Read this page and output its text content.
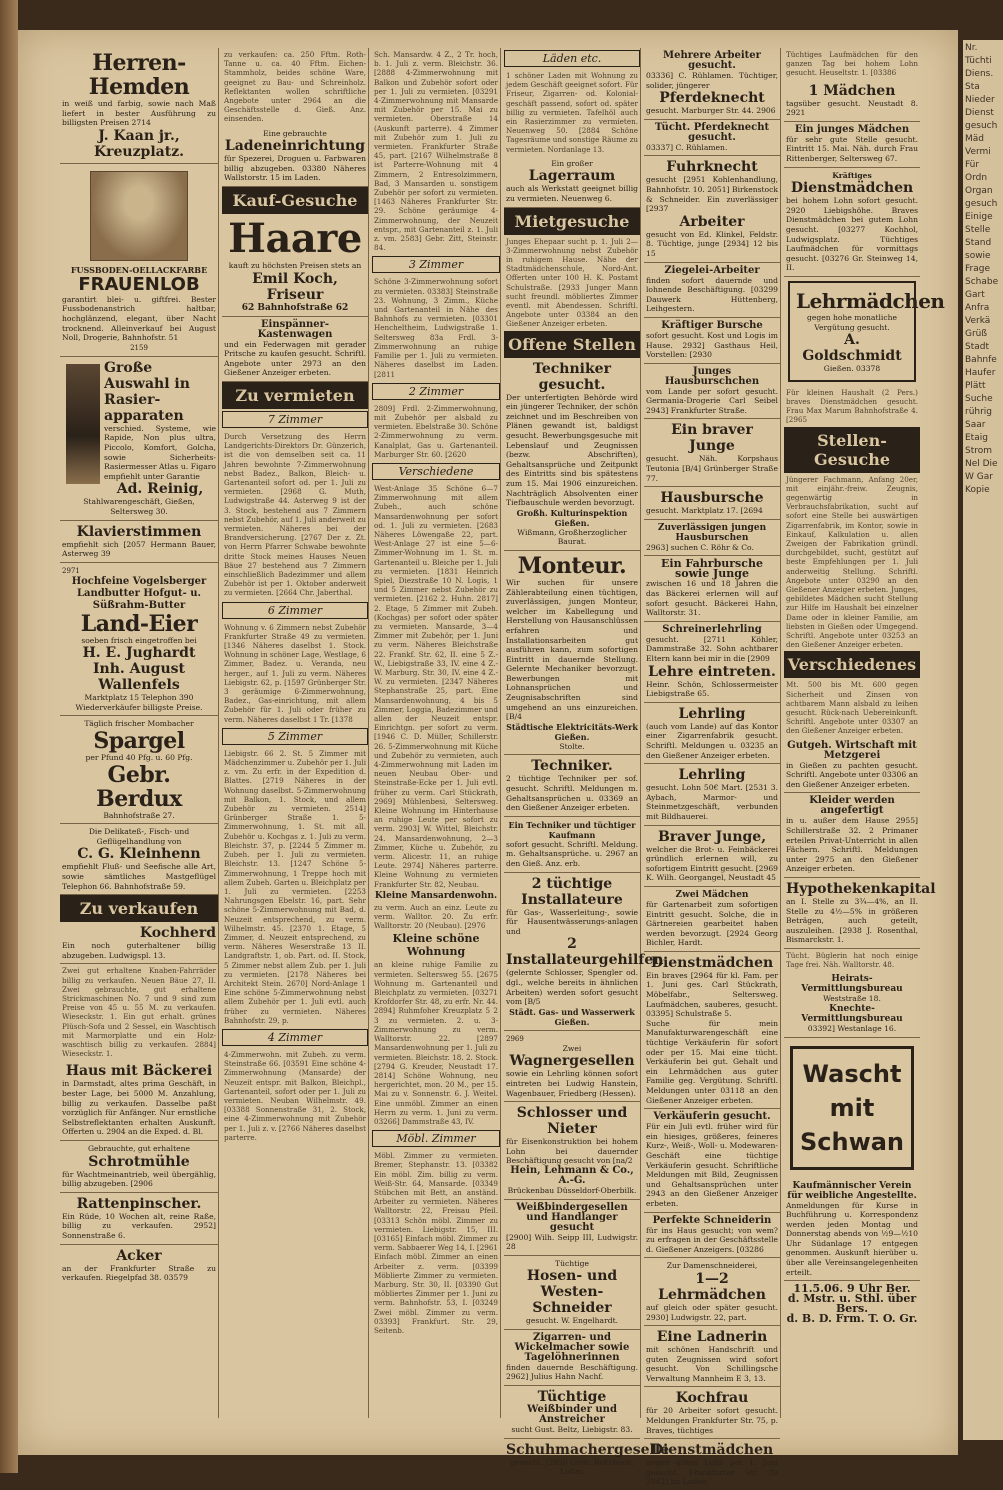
Herren-Hemden
in weiß und farbig, sowie nach Maß liefert in bester Ausführung zu billigsten Preisen 2714
J. Kaan jr., Kreuzplatz.
FUSSBODEN-OELLACKFARBE
FRAUENLOB
garantirt blei- u. giftfrei. Bester Fussbodenanstrich haltbar, hochglänzend, elegant, über Nacht trocknend. Alleinverkauf bei August Noll, Drogerie, Bahnhofstr. 51
2159
Große Auswahl in Rasier-apparaten
verschied. Systeme, wie Rapide, Non plus ultra, Piccolo, Komfort, Golcha, sowie Sicherheits-Rasiermesser Atlas u. Figaro empfiehlt unter Garantie
Ad. Reinig,
Stahlwarengeschäft, Gießen, Seltersweg 30.
Klavierstimmen
empfiehlt sich [2057 Hermann Bauer, Asterweg 39
2971
Hochfeine Vogelsberger Landbutter Hofgut- u. Süßrahm-Butter
Land-Eier
soeben frisch eingetroffen bei
H. E. Jughardt
Inh. August Wallenfels
Marktplatz 15 Telephon 390 Wiederverkäufer billigste Preise.
Täglich frischer Mombacher
Spargel
per Pfund 40 Pfg. u. 60 Pfg.
Gebr. Berdux
Bahnhofstraße 27.
Die Delikateß-, Fisch- und Geflügelhandlung von
C. G. Kleinhenn
empfiehlt Fluß- und Seefische alle Art, sowie sämtliches Mastgeflügel Telephon 66. Bahnhofstraße 59.
Zu verkaufen
Kochherd
Ein noch guterhaltener billig abzugeben. Ludwigspl. 13.
Zwei gut erhaltene Knaben-Fahrräder billig zu verkaufen. Neuen Bäue 27, II. Zwei gebrauchte, gut erhaltene Strickmaschinen No. 7 und 9 sind zum Preise von 45 u. 55 M. zu verkaufen. Wieseckstr. 1. Ein gut erhalt. grünes Plüsch-Sofa und 2 Sessel, ein Waschtisch mit Marmorplatte und ein Holz-waschtisch billig zu verkaufen. 2884] Wieseckstr. 1.
Haus mit Bäckerei
in Darmstadt, altes prima Geschäft, in bester Lage, bei 5000 M. Anzahlung, billig zu verkaufen. Dasselbe paßt vorzüglich für Anfänger. Nur ernstliche Selbstreflektanten erhalten Auskunft. Offerten u. 2904 an die Exped. d. Bl.
Gebrauchte, gut erhaltene
Schrotmühle
für Wachtmeinantrieb, weil übergählig, billig abzugeben. [2906
Rattenpinscher.
Ein Rüde, 10 Wochen alt, reine Raße, billig zu verkaufen. 2952] Sonnenstraße 6.
Acker
an der Frankfurter Straße zu verkaufen. Riegelpfad 38. 03579
zu verkaufen: ca. 250 Fftm. Roth-Tanne u. ca. 40 Fftm. Eichen-Stammholz, beides schöne Ware, geeignet zu Bau- und Schreinholz. Reflektanten wollen schriftliche Angebote unter 2964 an die Geschäftsstelle d. Gieß. Anz. einsenden.
Eine gebrauchte
Ladeneinrichtung
für Spezerei, Droguen u. Farbwaren billig abzugeben. 03380 Näheres Wallstorstr. 15 im Laden.
Kauf-Gesuche
Haare
kauft zu höchsten Preisen stets an
Emil Koch, Friseur
62 Bahnhofstraße 62
Einspänner-Kastenwagen
und ein Federwagen mit gerader Pritsche zu kaufen gesucht. Schriftl. Angebote unter 2973 an den Gießener Anzeiger erbeten.
Zu vermieten
7 Zimmer
Durch Versetzung des Herrn Landgerichts-Direktors Dr. Günzerich, ist die von demselben seit ca. 11 Jahren bewohnte 7-Zimmerwohnung nebst Badez., Balkon, Bleich- u. Gartenanteil sofort od. per 1. Juli zu vermieten. [2968 G. Muth, Ludwigstraße 44. Asterweg 9 ist der 3. Stock, bestehend aus 7 Zimmern nebst Zubehör, auf 1. Juli anderweit zu vermieten. Näheres bei der Brandversicherung. [2767 Der z. Zt. von Herrn Pfarrer Schwabe bewohnte dritte Stock meines Hauses Neuen Bäue 27 bestehend aus 7 Zimmern einschließlich Badezimmer und allem Zubehör ist per 1. Oktober anderweit zu vermieten. [2664 Chr. Jaberthal.
6 Zimmer
Wohnung v. 6 Zimmern nebst Zubehör Frankfurter Straße 49 zu vermieten. [1346 Näheres daselbst 1. Stock. Wohnung in schöner Lage, Westlage, 6 Zimmer, Badez. u. Veranda, neu herger., auf 1. Juli zu verm. Näheres Liebigstr. 62, p. [1597 Grünberger Str. 3 geräumige 6-Zimmerwohnung, Badez., Gas-einrichtung, mit allem Zubehör für 1. Juli oder früher zu verm. Näheres daselbst 1 Tr. [1378
5 Zimmer
Liebigstr. 66 2. St. 5 Zimmer mit Mädchenzimmer u. Zubehör per 1. Juli z. vm. Zu erfr. in der Expedition d. Blattes. [2719 Näheres in der Wohnung daselbst. 5-Zimmerwohnung mit Balkon, 1. Stock, und allem Zubehör zu vermieten. 2514] Grünberger Straße 1. 5-Zimmerwohnung, 1. St. mit all. Zubehör u. Kochgas z. 1. Juli zu verm. Bleichstr. 37, p. [2244 5 Zimmer m. Zubeh. per 1. Juli zu vermieten. Bleichstr. 13. [1247 Schöne 5-Zimmerwohnung, 1 Treppe hoch mit allem Zubeh. Garten u. Bleichplatz per 1. Juli zu vermieten. [2253 Nahrungsgen Ebelstr. 16, part. Sehr schöne 5-Zimmerwohnung mit Bad, d. Neuzeit entsprechend, zu verm. Wilhelmstr. 45. [2370 1. Etage, 5 Zimmer, d. Neuzeit entsprechend, zu verm. Näheres Weserstraße 13 II. Landgraftstr. 1, ob. Part. od. II. Stock, 5 Zimmer nebst allem Zub. per 1. Juli zu vermieten. [2178 Näheres bei Architekt Stein. 2670] Nord-Anlage 1 Eine schöne 5-Zimmerwohnung nebst allem Zubehör per 1. Juli evtl. auch früher zu vermieten. Näheres Bahnhofstr. 29, p.
4 Zimmer
4-Zimmerwohn. mit Zubeh. zu verm. Steinstraße 66. [03591 Eine schöne 4-Zimmerwohnung (Mansarde) der Neuzeit entspr. mit Balkon, Bleichpl., Gartenanteil, sofort oder per 1. Juli zu vermieten. Neuban Wilhelmstr. 49. [03388 Sonnenstraße 31, 2. Stock, eine 4-Zimmerwohnung mit Zubehör per 1. Juli z. v. [2766 Näheres daselbst parterre.
Sch. Mansardw. 4 Z., 2 Tr. hoch, b. 1. Juli z. verm. Bleichstr. 36. [2888 4-Zimmerwohnung mit Balkon und Zubehör sofort oder per 1. Juli zu vermieten. [03291 4-Zimmerwohnung mit Mansarde mit Zubehör per 15. Mai zu vermieten. Oberstraße 14 (Auskunft parterre). 4 Zimmer mit Zubehör zum 1. Juli zu vermieten. Frankfurter Straße 45, part. [2167 Wilhelmstraße 8 ist Parterre-Wohnung mit 4 Zimmern, 2 Entresolzimmern, Bad, 3 Mansarden u. sonstigem Zubehör per sofort zu vermieten. [1463 Näheres Frankfurter Str. 29. Schöne geräumige 4-Zimmerwohnung, der Neuzeit entspr., mit Gartenanteil z. 1. Juli z. vm. 2583] Gebr. Zitt, Steinstr. 84.
3 Zimmer
Schöne 3-Zimmerwohnung sofort zu vermieten. 03383] Steinstraße 23. Wohnung, 3 Zimm., Küche und Gartenanteil in Nähe des Bahnhofs zu vermieten. [03301 Hencheltheim, Ludwigstraße 1. Seltersweg 83a Frdl. 3-Zimmerwohnung an ruhige Familie per 1. Juli zu vermieten. Näheres daselbst im Laden. [2811
2 Zimmer
2809] Frdl. 2-Zimmerwohnung, mit Zubehör per alsbald zu vermieten. Ebelstraße 30. Schöne 2-Zimmerwohnung zu verm. Kanalplat, Gas u. Gartenanteil. Marburger Str. 60. [2620
Verschiedene
West-Anlage 35 Schöne 6—7 Zimmerwohnung mit allem Zubeh., auch schöne Mansardenwohnung per sofort od. 1. Juli zu vermieten. [2683 Näheres Löwengaße 22, part. West-Anlage 27 ist eine 5—6-Zimmer-Wohnung im 1. St. m. Gartenanteil u. Bleiche per 1. Juli zu vermieten. [1831 Heinrich Spiel, Diezstraße 10 N. Logis, 1 und 5 Zimmer nebst Zubehör zu vermieten. [2162 2. Huhn. 2817] 2. Etage, 5 Zimmer mit Zubeh. (Kochgas) per sofort oder später zu vermieten. Mansarde, 3—4 Zimmer mit Zubehör, per 1. Juni zu verm. Näheres Bleichstraße 22. Frankf. Str. 62, II. eine 5 Z.-W., Liebigstraße 33, IV. eine 4 Z.-W. Marburg. Str. 30, IV. eine 4 Z.-W. zu vermieten. [2347 Näheres Stephanstraße 25, part. Eine Mansardenwohnung, 4 bis 5 Zimmer, Loggia, Badezimmer und allen der Neuzeit entspr. Einrichtgn. per sofort zu verm. [1946 C. D. Müller, Schillerstr. 26. 5-Zimmerwohnung mit Küche und Zubehör zu vermieten, auch 4-Zimmerwohnung mit Laden im neuen Neubau Ober- und Steinstraße-Ecke per 1. Juli evtl. früher zu verm. Carl Stückrath, 2969] Mühlenbesi, Seltersweg. Kleine Wohnung im Hinterhause an ruhige Leute per sofort zu verm. 2903] W. Wittel, Bleichstr. 24. Mansardenwohnung, 2—3 Zimmer, Küche u. Zubehör, zu verm. Alicestr. 11, an ruhige Leute. 2974] Näheres parterre. Kleine Wohnung zu vermieten Frankfurter Str. 82, Neubau.
Kleine Mansardenwohn.
zu verm. Auch an einz. Leute zu verm. Walltor. 20. Zu erfr. Walltorstr. 20 (Neubau). [2976
Kleine schöne Wohnung
an kleine ruhige Familie zu vermieten. Seltersweg 55. [2675 Wohnung m. Gartenanteil und Bleichplatz zu vermieten. [03271 Krofdorfer Str. 48, zu erfr. Nr. 44. 2894] Ruhmfoher Kreuzplatz 5 2 3 zu vermieten. 2. u. 3-Zimmerwohnung zu verm. Walltorstr. 22. [2897 Mansardenwohnung per 1. Juli zu vermieten. Bleichstr. 18. 2. Stock. [2794 G. Kreuder, Neustadt 17. 2814] Schöne Wohnung, neu hergerichtet, mon. 20 M., per 15. Mai zu v. Sonnenstr. 6. J. Weitel. Eine unmöbl. Zimmer an einen Herrn zu verm. 1. Juni zu verm. 03266] Dammstraße 43, IV.
Möbl. Zimmer
Möbl. Zimmer zu vermieten. Bremer, Stephanstr. 13. [03382 Ein möbl. Zim. billig zu verm. Weiß-Str. 64, Mansarde. [03349 Stübchen mit Bett, an anständ. Arbeiter zu vermieten. Näheres Walltorstr. 22, Freisau Pfeil. [03313 Schön möbl. Zimmer zu vermieten. Liebigstr. 15, III. [03165] Einfach möbl. Zimmer zu verm. Sabbaerer Weg 14, I. [2961 Einfach möbl. Zimmer an einen Arbeiter z. verm. [03399 Möblierte Zimmer zu vermieten. Marburg. Str. 30, II. [03390 Gut möbliertes Zimmer per 1. Juni zu verm. Bahnhofstr. 53, I. [03249 Zwei möbl. Zimmer zu verm. 03393] Frankfurt. Str. 29, Seitenb.
Läden etc.
1 schöner Laden mit Wohnung zu jedem Geschäft geeignet sofort. Für Friseur, Zigarren- od. Kolonial-geschäft passend, sofort od. später billig zu vermieten. Tafelhöl auch ein Rasierzimmer zu vermieten. Neuenweg 50. [2884 Schöne Tagesräume und sonstige Räume zu vermieten. Nordanlage 13.
Ein großer
Lagerraum
auch als Werkstatt geeignet billig zu vermieten. Neuenweg 6.
Mietgesuche
Junges Ehepaar sucht p. 1. Juli 2—3-Zimmerwohnung nebst Zubehör in ruhigem Hause. Nähe der Stadtmädchenschule, Nord-Ant. Offerten unter 100 H. K. Postamt Schulstraße. [2933 Junger Mann sucht freundl. möbliertes Zimmer eventl. mit Abendessen. Schriftl. Angebote unter 03384 an den Gießener Anzeiger erbeten.
Offene Stellen
Techniker gesucht.
Der unterfertigten Behörde wird ein jüngerer Techniker, der schön zeichnet und im Beschreiben von Plänen gewandt ist, baldigst gesucht. Bewerbungsgesuche mit Lebenslauf und Zeugnissen (bezw. Abschriften), Gehaltsansprüche und Zeitpunkt des Eintritts sind bis spätestens zum 15. Mai 1906 einzureichen. Nachträglich Absolventen einer Tiefbauschule werden bevorzugt.
Großh. Kulturinspektion Gießen.
Wißmann, Großherzoglicher Baurat.
Monteur.
Wir suchen für unsere Zählerabteilung einen tüchtigen, zuverlässigen, jungen Monteur, welcher im Kabellegung und Herstellung von Hausanschlüssen erfahren und Installationsarbeiten gut ausführen kann, zum sofortigen Eintritt in dauernde Stellung. Gelernte Mechaniker bevorzugt. Bewerbungen mit Lohnansprüchen und Zeugnisabschriften sind umgehend an uns einzureichen. [B/4
Städtische Elektricitäts-Werk Gießen.
Stolte.
Techniker.
2 tüchtige Techniker per sof. gesucht. Schriftl. Meldungen m. Gehaltsansprüchen u. 03369 an den Gießener Anzeiger erbeten.
Ein Techniker und tüchtiger Kaufmann
sofort gesucht. Schriftl. Meldung. m. Gehaltsansprüche. u. 2967 an den Gieß. Anz. erb.
2 tüchtige Installateure
für Gas-, Wasserleitung-, sowie für Hausentwässerungs-anlagen und
2 Installateurgehilfen
(gelernte Schlosser, Spengler od. dgl., welche bereits in ähnlichen Arbeiten) werden sofort gesucht vom [B/5
Städt. Gas- und Wasserwerk Gießen.
2969
Zwei
Wagnergesellen
sowie ein Lehrling können sofort eintreten bei Ludwig Hanstein, Wagenbauer, Friedberg (Hessen).
Schlosser und Nieter
für Eisenkonstruktion bei hohem Lohn bei dauernder Beschäftigung gesucht von [na/2
Hein, Lehmann & Co., A.-G.
Brückenbau Düsseldorf-Oberbilk.
Weißbindergesellen und Handlanger gesucht
[2900] Wilh. Seipp III, Ludwigstr. 28
Tüchtige
Hosen- und Westen-Schneider
gesucht. W. Engelhardt.
Zigarren- und Wickelmacher sowie Tagelöhnerinnen
finden dauernde Beschäftigung. 2962] Julius Hahn Nachf.
Tüchtige
Weißbinder und Anstreicher
sucht Gust. Beltz, Liebigstr. 83.
Schuhmachergeselle
gesucht. [2936 Gerh. Rohrbach, Lollar.
Mehrere Arbeiter gesucht.
03336] C. Rühlamen. Tüchtiger, solider, jüngerer
Pferdeknecht
gesucht. Marburger Str. 44. 2906
Tücht. Pferdeknecht gesucht.
03337] C. Rühlamen.
Fuhrknecht
gesucht [2951 Kohlenhandlung, Bahnhofstr. 10. 2051] Birkenstock & Schneider. Ein zuverlässiger [2937
Arbeiter
gesucht von Ed. Klinkel, Feldstr. 8. Tüchtige, junge [2934] 12 bis 15
Ziegelei-Arbeiter
finden sofort dauernde und lohnende Beschäftigung. [03299 Dauwerk Hüttenberg, Leihgestern.
Kräftiger Bursche
sofort gesucht. Kost und Logis im Hause. 2932] Gasthaus Heil, Vorstellen: [2930
Junges Hausburschchen
vom Lande per sofort gesucht. Germania-Drogerie Carl Seibel 2943] Frankfurter Straße.
Ein braver Junge
gesucht. Näh. Korpshaus Teutonia [B/4] Grünberger Straße 77.
Hausbursche
gesucht. Marktplatz 17. [2694
Zuverlässigen jungen Hausburschen
2963] suchen C. Röhr & Co.
Ein Fahrbursche sowie Junge
zwischen 16 und 18 Jahren die das Bäckerei erlernen will auf sofort gesucht. Bäckerei Hahn, Walltorstr. 31.
Schreinerlehrling
gesucht. [2711 Köhler, Dammstraße 32. Sohn achtbarer Eltern kann bei mir in die [2909
Lehre eintreten.
Heinr. Schön, Schlossermeister Liebigstraße 65.
Lehrling
(auch vom Lande) auf das Kontor einer Zigarrenfabrik gesucht. Schriftl. Meldungen u. 03235 an den Gießener Anzeiger erbeten.
Lehrling
gesucht. Lohn 50€ Mart. [2531 3. Aybach, Marmor- und Steinmetzgeschäft, verbunden mit Bildhauerei.
Braver Junge,
welcher die Brot- u. Feinbäckerei gründlich erlernen will, zu sofortigem Eintritt gesucht. [2969 K. Wilh. Georgangel, Neustadt 45
Zwei Mädchen
für Gartenarbeit zum sofortigen Eintritt gesucht. Solche, die in Gärtnereien gearbeitet haben werden bevorzugt. [2924 Georg Bichler, Hardt.
Dienstmädchen
Ein braves [2964 für kl. Fam. per 1. Juni ges. Carl Stückrath, Möbelfabr., Seltersweg. Laufmädchen, sauberes, gesucht. 03395] Schulstraße 5.
Suche für mein Manufakturwarengeschäft eine tüchtige Verkäuferin für sofort oder per 15. Mai eine tücht. Verkäuferin bei gut. Gehalt und ein Lehrmädchen aus guter Familie geg. Vergütung. Schriftl. Meldungen unter 03118 an den Gießener Anzeiger erbeten.
Verkäuferin gesucht.
Für ein Juli evtl. früher wird für ein hiesiges, größeres, feineres Kurz-, Weiß-, Woll- u. Modewaren-Geschäft eine tüchtige Verkäuferin gesucht. Schriftliche Meldungen mit Bild, Zeugnissen und Gehaltsansprüchen unter 2943 an den Gießener Anzeiger erbeten.
Perfekte Schneiderin
für ins Haus gesucht; von wem? zu erfragen in der Geschäftsstelle d. Gießener Anzeigers. [03286
Zur Damenschneiderei,
1—2 Lehrmädchen
auf gleich oder später gesucht. 2930] Ludwigstr. 22, part.
Eine Ladnerin
mit schönen Handschrift und guten Zeugnissen wird sofort gesucht. Von Schillingsche Verwaltung Mannheim E 3, 13.
Kochfrau
für 20 Arbeiter sofort gesucht. Meldungen Frankfurter Str. 75, p. Braves, tüchtiges
Dienstmädchen
gegen guten Lohn per 1. Juni gesucht. Frankfurter Str. 39 2942] im Laden.
Tüchtiges Laufmädchen für den ganzen Tag bei hohem Lohn gesucht. Heuseltstr. 1. [03386
1 Mädchen
tagsüber gesucht. Neustadt 8. 2921
Ein junges Mädchen
für sehr gute Stelle gesucht. Eintritt 15. Mai. Näh. durch Frau Rittenberger, Seltersweg 67.
Kräftiges
Dienstmädchen
bei hohem Lohn sofort gesucht. 2920 Liebigshöhe. Braves Dienstmädchen bei gutem Lohn gesucht. [03277 Kochhol, Ludwigsplatz. Tüchtiges Laufmädchen für vormittags gesucht. [03276 Gr. Steinweg 14, II.
Lehrmädchen
gegen hohe monatliche Vergütung gesucht.
A. Goldschmidt
Gießen. 03378
Für kleinen Haushalt (2 Pers.) braves Dienstmädchen gesucht. Frau Max Marum Bahnhofstraße 4. [2965
Stellen-Gesuche
Jüngerer Fachmann, Anfang 20er, mit einjähr.-freiw. Zeugnis, gegenwärtig in Verbrauchsfabrikation, sucht auf sofort eine Stelle bei auswärtigen Zigarrenfabrik, im Kontor, sowie in Einkauf, Kalkulation u. allen Zweigen der Fabrikation gründl. durchgebildet, sucht, gestützt auf beste Empfehlungen per 1. Juli anderweitig Stellung. Schriftl. Angebote unter 03290 an den Gießener Anzeiger erbeten. Junges, gebildetes Mädchen sucht Stellung zur Hilfe im Haushalt bei einzelner Dame oder in kleiner Familie, am liebsten in Gießen oder Umgegend. Schriftl. Angebote unter 03253 an den Gießener Anzeiger erbeten.
Verschiedenes
Mt. 500 bis Mt. 600 gegen Sicherheit und Zinsen von achtbarem Mann alsbald zu leihen gesucht. Rück-nach Uebereinkunft. Schriftl. Angebote unter 03307 an den Gießener Anzeiger erbeten.
Gutgeh. Wirtschaft mit Metzgerei
in Gießen zu pachten gesucht. Schriftl. Angebote unter 03306 an den Gießener Anzeiger erbeten.
Kleider werden angefertigt
in u. außer dem Hause 2955] Schillerstraße 32. 2 Primaner erteilen Privat-Unterricht in allen Fächern. Schriftl. Meldungen unter 2975 an den Gießener Anzeiger erbeten.
Hypothekenkapital
an I. Stelle zu 3¾—4%, an II. Stelle zu 4½—5% in größeren Beträgen, auch geteilt, auszuleihen. [2938 J. Rosenthal, Bismarckstr. 1.
Tücht. Büglerin hat noch einige Tage frei. Näh. Walltorstr. 48.
Heirats-Vermittlungsbureau
Weststraße 18.
Knechte-Vermittlungsbureau
03392] Westanlage 16.
Wascht
mit
Schwan
Kaufmännischer Verein für weibliche Angestellte.
Anmeldungen für Kurse in Buchführung u. Korrespondenz werden jeden Montag und Donnerstag abends von ½9—½10 Uhr Südanlage 17 entgegen genommen. Auskunft hierüber u. über alle Vereinsangelegenheiten erteilt.
11.5.06. 9 Uhr Ber. d. Mstr. u. Sthl. über Bers.
d. B. D. Frm. T. O. Gr.
Nr. Tüchti Diens. Sta Nieder Dienst gesuch Mäd Vermi Für Ordn Organ gesuch Einige Stelle Stand sowie Frage Schabe Gart Anfra Verkä Grüß Stadt Bahnfe Haufer Plätt Suche rührig Saar Etaig Strom Nel Die W Gar Kopie
